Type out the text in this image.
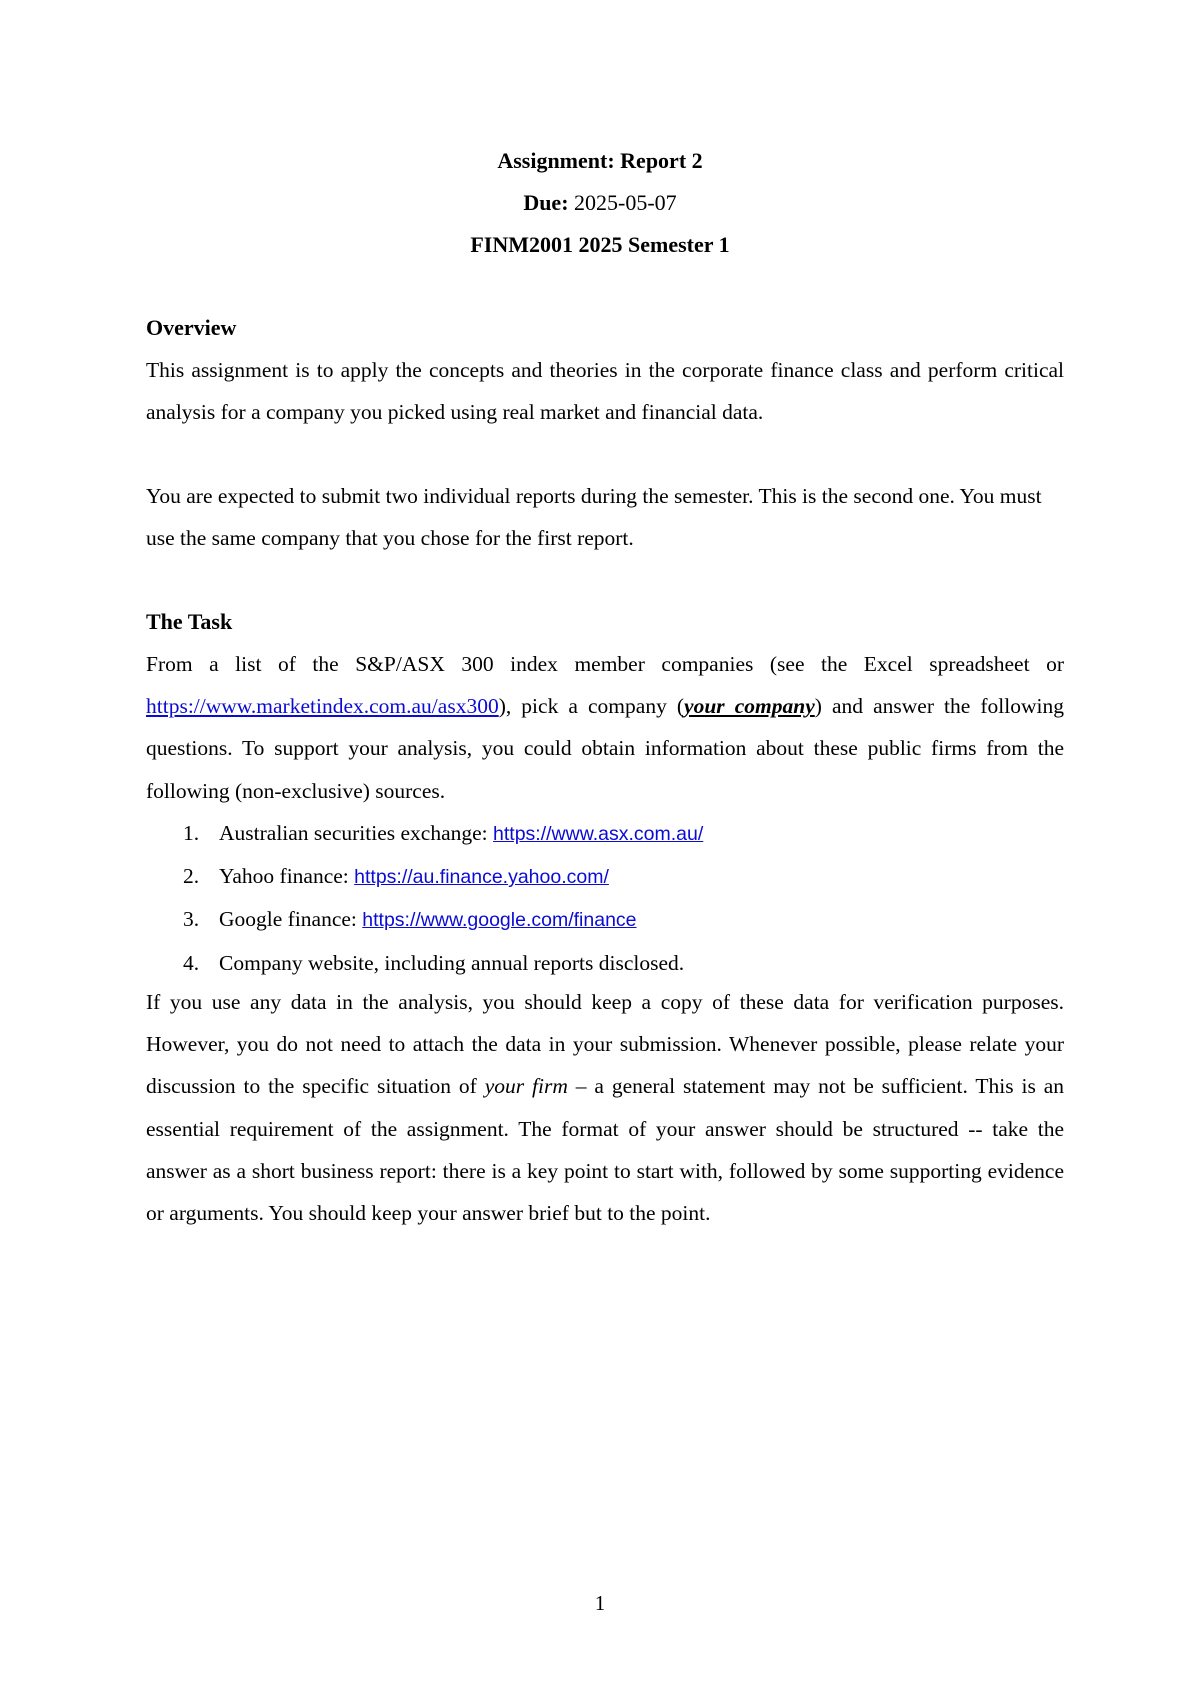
Assignment: Report 2
Due: 2025-05-07
FINM2001 2025 Semester 1
Overview
This assignment is to apply the concepts and theories in the corporate finance class and perform critical analysis for a company you picked using real market and financial data.
You are expected to submit two individual reports during the semester. This is the second one. You must use the same company that you chose for the first report.
The Task
From a list of the S&P/ASX 300 index member companies (see the Excel spreadsheet or https://www.marketindex.com.au/asx300), pick a company (your company) and answer the following questions. To support your analysis, you could obtain information about these public firms from the following (non-exclusive) sources.
1. Australian securities exchange: https://www.asx.com.au/
2. Yahoo finance: https://au.finance.yahoo.com/
3. Google finance: https://www.google.com/finance
4. Company website, including annual reports disclosed.
If you use any data in the analysis, you should keep a copy of these data for verification purposes. However, you do not need to attach the data in your submission. Whenever possible, please relate your discussion to the specific situation of your firm – a general statement may not be sufficient. This is an essential requirement of the assignment. The format of your answer should be structured -- take the answer as a short business report: there is a key point to start with, followed by some supporting evidence or arguments. You should keep your answer brief but to the point.
1
